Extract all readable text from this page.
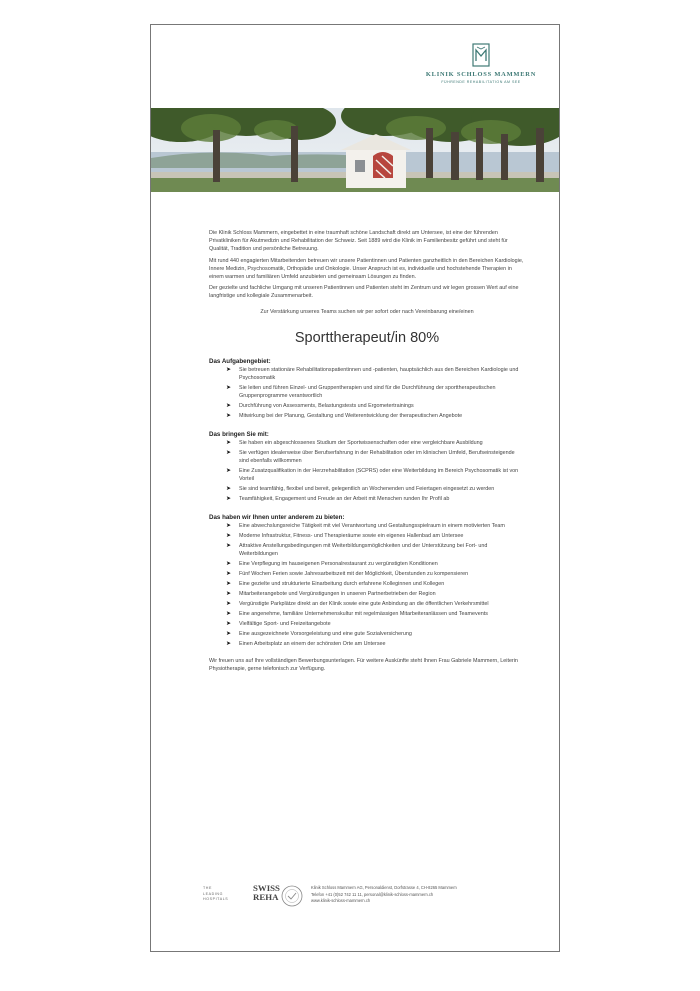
KLINIK SCHLOSS MAMMERN
FÜHRENDE REHABILITATION AM SEE

Die Klinik Schloss Mammern, eingebettet in eine traumhaft schöne Landschaft direkt am Untersee, ist eine der führenden Privatkliniken für Akutmedizin und Rehabilitation der Schweiz. Seit 1889 wird die Klinik im Familienbesitz geführt und steht für Qualität, Tradition und persönliche Betreuung.

Mit rund 440 engagierten Mitarbeitenden betreuen wir unsere Patientinnen und Patienten ganzheitlich in den Bereichen Kardiologie, Innere Medizin, Psychosomatik, Orthopädie und Onkologie. Unser Anspruch ist es, individuelle und hochstehende Therapien in einem warmen und familiären Umfeld anzubieten und gemeinsam Lösungen zu finden.

Der gezielte und fachliche Umgang mit unseren Patientinnen und Patienten steht im Zentrum und wir legen grossen Wert auf eine langfristige und kollegiale Zusammenarbeit.

Zur Verstärkung unseres Teams suchen wir per sofort oder nach Vereinbarung eine/einen

Sporttherapeut/in 80%
Das Aufgabengebiet:
➤ Sie betreuen stationäre Rehabilitationspatientinnen und -patienten, hauptsächlich aus den Bereichen Kardiologie und Psychosomatik
➤ Sie leiten und führen Einzel- und Gruppentherapien und sind für die Durchführung der sporttherapeutischen Gruppenprogramme verantwortlich
➤ Durchführung von Assessments, Belastungstests und Ergometertrainings
➤ Mitwirkung bei der Planung, Gestaltung und Weiterentwicklung der therapeutischen Angebote
Das bringen Sie mit:
➤ Sie haben ein abgeschlossenes Studium der Sportwissenschaften oder eine vergleichbare Ausbildung
➤ Sie verfügen idealerweise über Berufserfahrung in der Rehabilitation oder im klinischen Umfeld, Berufseinsteigende sind ebenfalls willkommen
➤ Eine Zusatzqualifikation in der Herzrehabilitation (SCPRS) oder eine Weiterbildung im Bereich Psychosomatik ist von Vorteil
➤ Sie sind teamfähig, flexibel und bereit, gelegentlich an Wochenenden und Feiertagen eingesetzt zu werden
➤ Teamfähigkeit, Engagement und Freude an der Arbeit mit Menschen runden Ihr Profil ab
Das haben wir Ihnen unter anderem zu bieten:
➤ Eine abwechslungsreiche Tätigkeit mit viel Verantwortung und Gestaltungsspielraum in einem motivierten Team
➤ Moderne Infrastruktur, Fitness- und Therapieräume sowie ein eigenes Hallenbad am Untersee
➤ Attraktive Anstellungsbedingungen mit Weiterbildungsmöglichkeiten und der Unterstützung bei Fort- und Weiterbildungen
➤ Eine Verpflegung im hauseigenen Personalrestaurant zu vergünstigten Konditionen
➤ Fünf Wochen Ferien sowie Jahresarbeitszeit mit der Möglichkeit, Überstunden zu kompensieren
➤ Eine gezielte und strukturierte Einarbeitung durch erfahrene Kolleginnen und Kollegen
➤ Mitarbeiterangebote und Vergünstigungen in unseren Partnerbetrieben der Region
➤ Vergünstigte Parkplätze direkt an der Klinik sowie eine gute Anbindung an die öffentlichen Verkehrsmittel
➤ Eine angenehme, familiäre Unternehmenskultur mit regelmässigen Mitarbeiteranlässen und Teamevents
➤ Vielfältige Sport- und Freizeitangebote
➤ Eine ausgezeichnete Vorsorgeleistung und eine gute Sozialversicherung
➤ Einen Arbeitsplatz an einem der schönsten Orte am Untersee

Wir freuen uns auf Ihre vollständigen Bewerbungsunterlagen. Für weitere Auskünfte steht Ihnen Frau Gabriele Mammern, Leiterin Physiotherapie, gerne telefonisch zur Verfügung.

THE
LEADING
HOSPITALS
SWISS
REHA
Klinik Schloss Mammern AG, Personaldienst, Dorfstrasse 4, CH-8265 Mammern
Telefon +41 (0)52 742 11 11, personal@klinik-schloss-mammern.ch
www.klinik-schloss-mammern.ch
